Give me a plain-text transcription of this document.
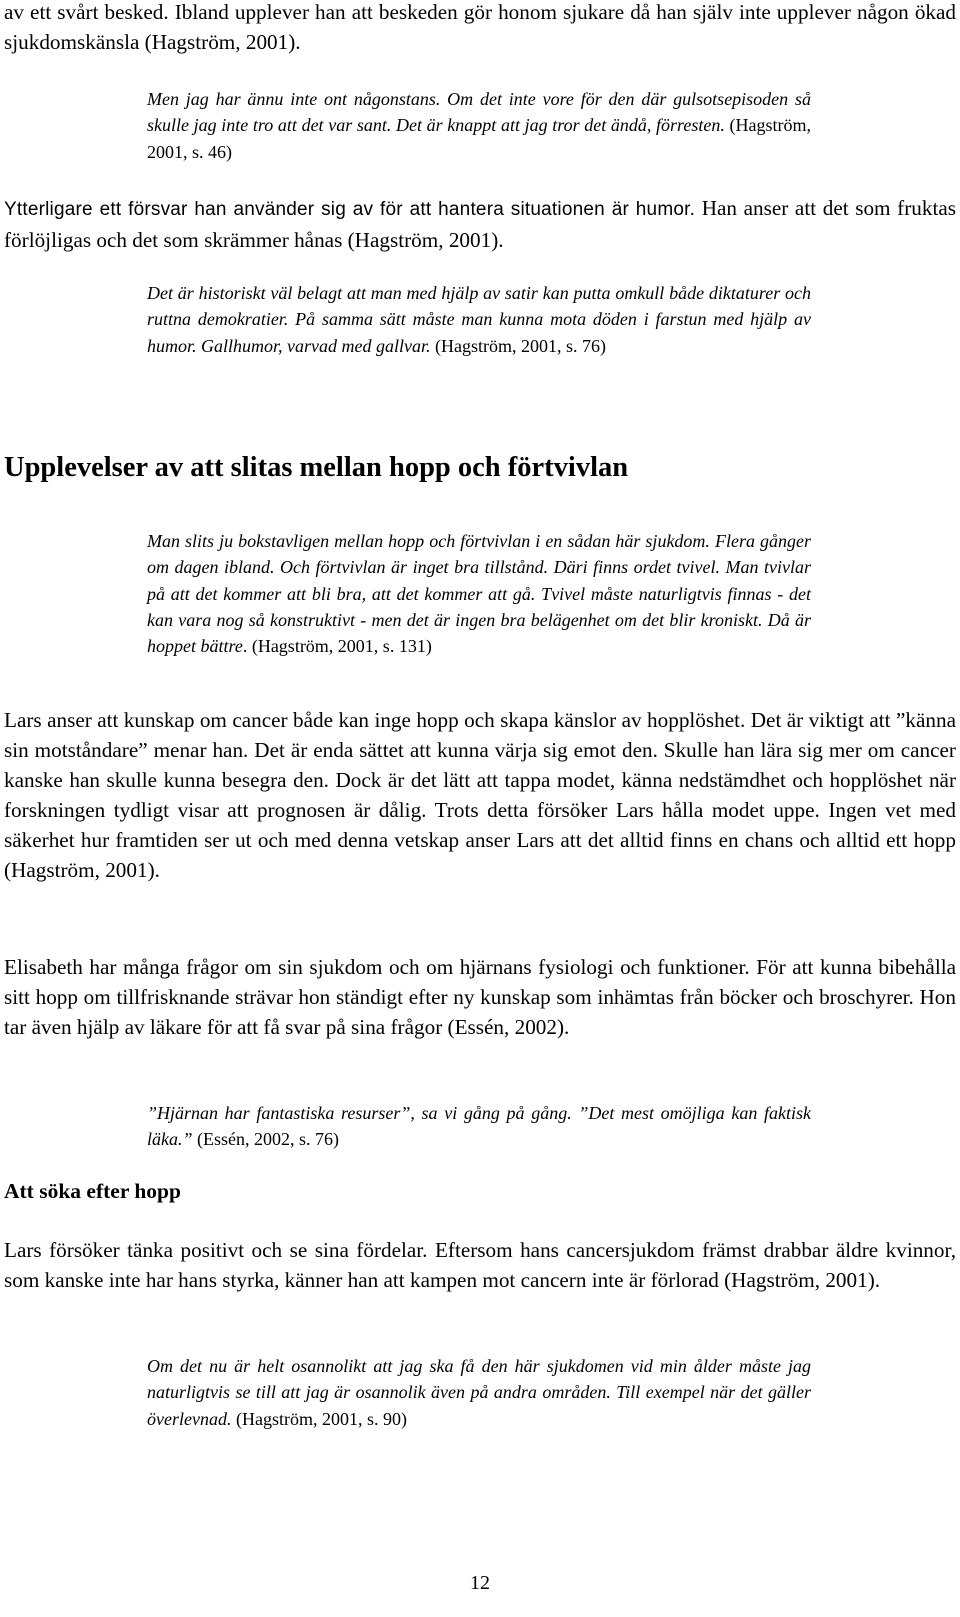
av ett svårt besked. Ibland upplever han att beskeden gör honom sjukare då han själv inte upplever någon ökad sjukdomskänsla (Hagström, 2001).

Men jag har ännu inte ont någonstans. Om det inte vore för den där gulsotsepisoden så skulle jag inte tro att det var sant. Det är knappt att jag tror det ändå, förresten. (Hagström, 2001, s. 46)

Ytterligare ett försvar han använder sig av för att hantera situationen är humor. Han anser att det som fruktas förlöjligas och det som skrämmer hånas (Hagström, 2001).

Det är historiskt väl belagt att man med hjälp av satir kan putta omkull både diktaturer och ruttna demokratier. På samma sätt måste man kunna mota döden i farstun med hjälp av humor. Gallhumor, varvad med gallvar. (Hagström, 2001, s. 76)

Upplevelser av att slitas mellan hopp och förtvivlan

Man slits ju bokstavligen mellan hopp och förtvivlan i en sådan här sjukdom. Flera gånger om dagen ibland. Och förtvivlan är inget bra tillstånd. Däri finns ordet tvivel. Man tvivlar på att det kommer att bli bra, att det kommer att gå. Tvivel måste naturligtvis finnas - det kan vara nog så konstruktivt - men det är ingen bra belägenhet om det blir kroniskt. Då är hoppet bättre. (Hagström, 2001, s. 131)

Lars anser att kunskap om cancer både kan inge hopp och skapa känslor av hopplöshet. Det är viktigt att ”känna sin motståndare” menar han. Det är enda sättet att kunna värja sig emot den. Skulle han lära sig mer om cancer kanske han skulle kunna besegra den. Dock är det lätt att tappa modet, känna nedstämdhet och hopplöshet när forskningen tydligt visar att prognosen är dålig. Trots detta försöker Lars hålla modet uppe. Ingen vet med säkerhet hur framtiden ser ut och med denna vetskap anser Lars att det alltid finns en chans och alltid ett hopp (Hagström, 2001).

Elisabeth har många frågor om sin sjukdom och om hjärnans fysiologi och funktioner. För att kunna bibehålla sitt hopp om tillfrisknande strävar hon ständigt efter ny kunskap som inhämtas från böcker och broschyrer. Hon tar även hjälp av läkare för att få svar på sina frågor (Essén, 2002).

”Hjärnan har fantastiska resurser”, sa vi gång på gång. ”Det mest omöjliga kan faktisk läka.” (Essén, 2002, s. 76)

Att söka efter hopp

Lars försöker tänka positivt och se sina fördelar. Eftersom hans cancersjukdom främst drabbar äldre kvinnor, som kanske inte har hans styrka, känner han att kampen mot cancern inte är förlorad (Hagström, 2001).

Om det nu är helt osannolikt att jag ska få den här sjukdomen vid min ålder måste jag naturligtvis se till att jag är osannolik även på andra områden. Till exempel när det gäller överlevnad. (Hagström, 2001, s. 90)

12
